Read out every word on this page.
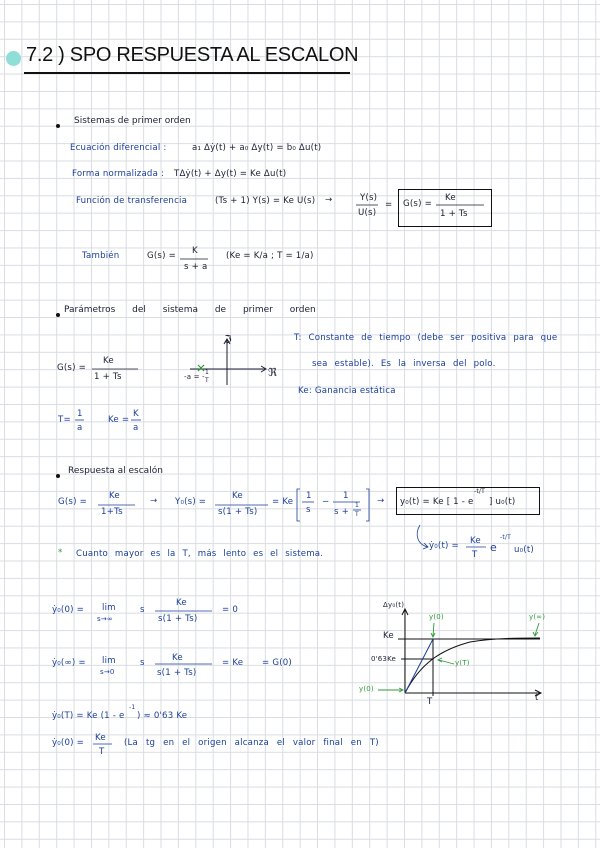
7.2 ) SPO RESPUESTA AL ESCALON
Sistemas de primer orden
Ecuación diferencial :	a₁ Δẏ(t) + a₀ Δy(t) = b₀ Δu(t)
Forma normalizada : TΔẏ(t) + Δy(t) = Ke Δu(t)
Función de transferencia	(Ts + 1) Y(s) = Ke U(s) →	Y(s)
U(s)
= G(s) =
Ke
1 + Ts
También	G(s) = K
s + a
(Ke = K/a ; T = 1/a)
Parámetros del sistema de primer orden
G(s) =
Ke
1 + Ts
ℑ
ℜ
-a = -
1
T
T: Constante de tiempo (debe ser positiva para que
sea estable). Es la inversa del polo.
Ke: Ganancia estática
T=
1
a
Ke =
K
a
Respuesta al escalón
G(s) =
Ke
1+Ts
→ Y₀(s) =
Ke
s(1 + Ts)
= Ke
1
s
−
1
s +
1
T
→ y₀(t) = Ke [ 1 - e
-t/T
] u₀(t)
ẏ₀(t) = Ke
T
e
-t/T
u₀(t)
* Cuanto mayor es la T, más lento es el sistema.
ẏ₀(0) = lim
s→∞
s
Ke
s(1 + Ts)
= 0
ẏ₀(∞) = lim
s→0
s	Ke
s(1 + Ts)
= Ke = G(0)
ẏ₀(T) = Ke (1 - e
-1
) ≈ 0'63 Ke
ẏ₀(0) = Ke
T
(La tg en el origen alcanza el valor final en T)
Δy₀(t)
Ke
0'63Ke
T	t
y(0)	y(∞)
y(T)
y(0)
